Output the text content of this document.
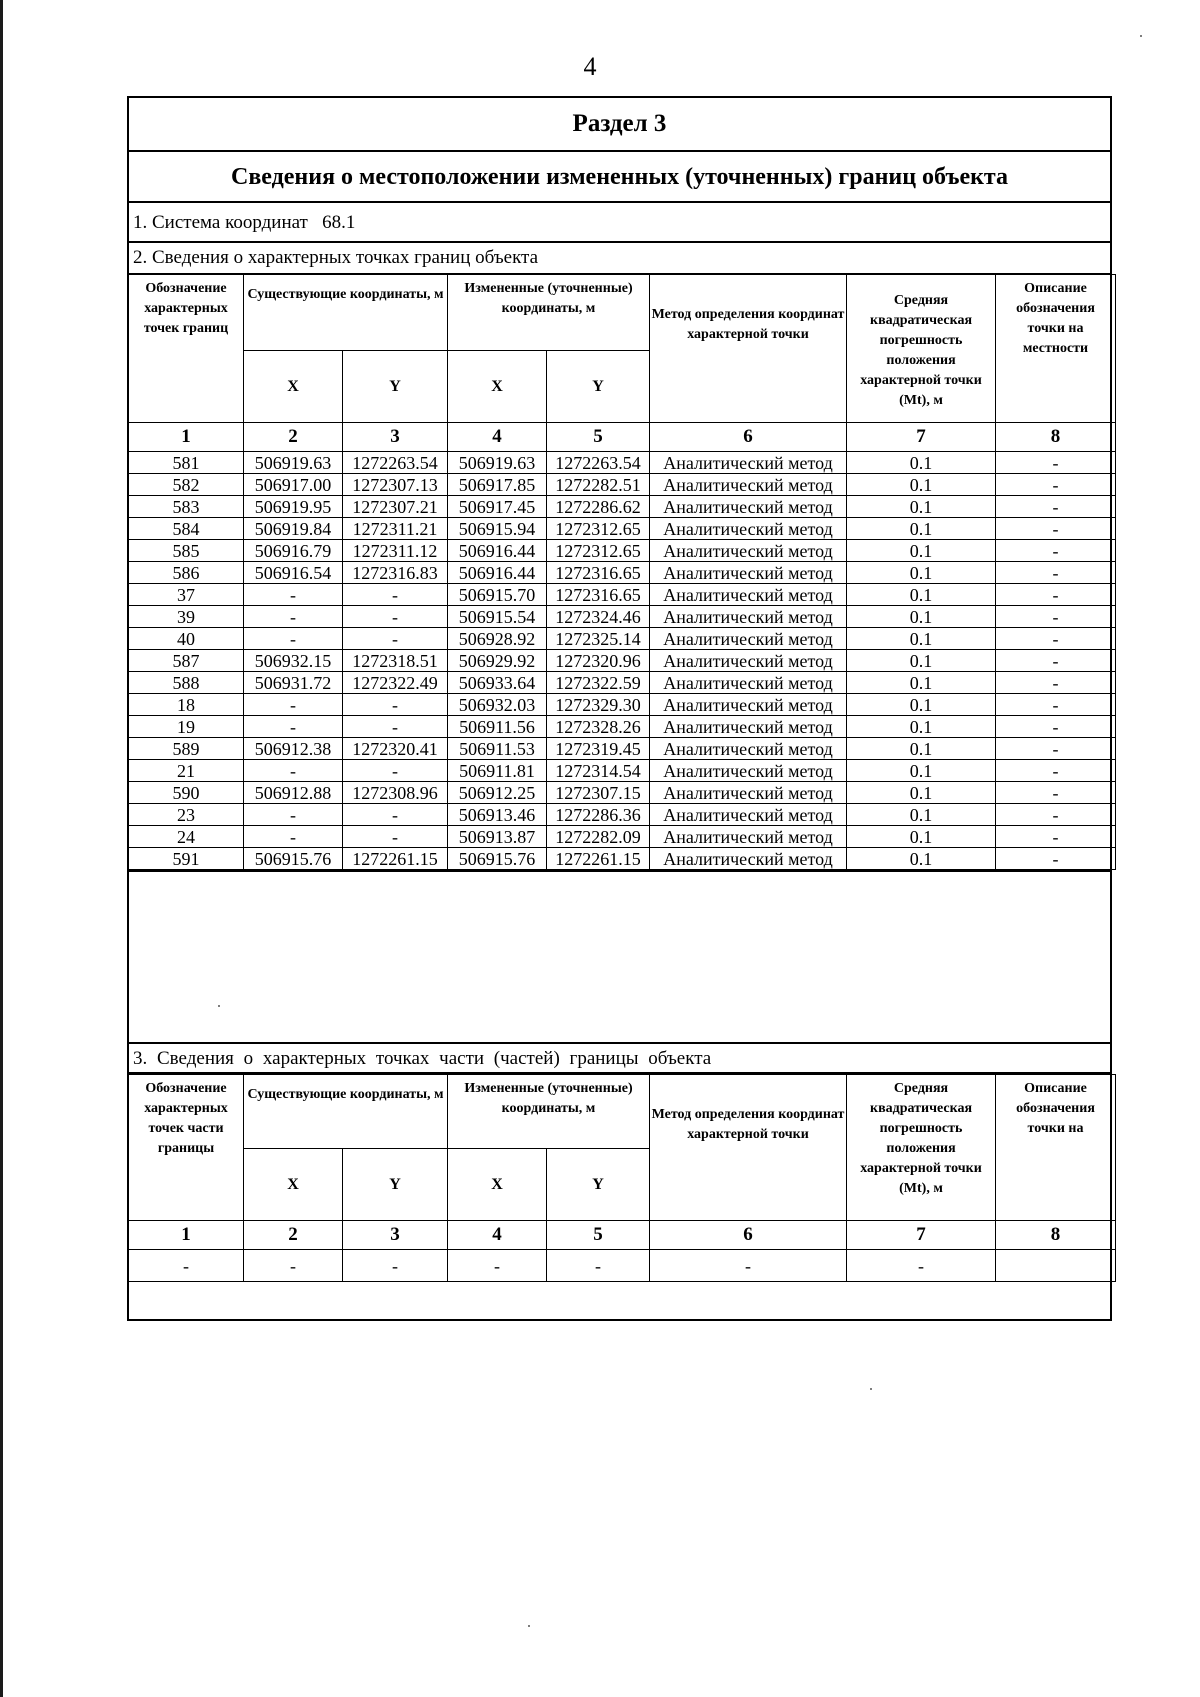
4
Раздел 3
Сведения о местоположении измененных (уточненных) границ объекта
1. Система координат 68.1
2. Сведения о характерных точках границ объекта
Обозначение характерных точек границ	Существующие координаты, м		Измененные (уточненные) координаты, м		Метод определения координат характерной точки	Средняя квадратическая погрешность положения характерной точки (Mt), м	Описание обозначения точки на местности
	X	Y	X	Y			
1	2	3	4	5	6	7	8
581	506919.63	1272263.54	506919.63	1272263.54	Аналитический метод	0.1	-
582	506917.00	1272307.13	506917.85	1272282.51	Аналитический метод	0.1	-
583	506919.95	1272307.21	506917.45	1272286.62	Аналитический метод	0.1	-
584	506919.84	1272311.21	506915.94	1272312.65	Аналитический метод	0.1	-
585	506916.79	1272311.12	506916.44	1272312.65	Аналитический метод	0.1	-
586	506916.54	1272316.83	506916.44	1272316.65	Аналитический метод	0.1	-
37	-	-	506915.70	1272316.65	Аналитический метод	0.1	-
39	-	-	506915.54	1272324.46	Аналитический метод	0.1	-
40	-	-	506928.92	1272325.14	Аналитический метод	0.1	-
587	506932.15	1272318.51	506929.92	1272320.96	Аналитический метод	0.1	-
588	506931.72	1272322.49	506933.64	1272322.59	Аналитический метод	0.1	-
18	-	-	506932.03	1272329.30	Аналитический метод	0.1	-
19	-	-	506911.56	1272328.26	Аналитический метод	0.1	-
589	506912.38	1272320.41	506911.53	1272319.45	Аналитический метод	0.1	-
21	-	-	506911.81	1272314.54	Аналитический метод	0.1	-
590	506912.88	1272308.96	506912.25	1272307.15	Аналитический метод	0.1	-
23	-	-	506913.46	1272286.36	Аналитический метод	0.1	-
24	-	-	506913.87	1272282.09	Аналитический метод	0.1	-
591	506915.76	1272261.15	506915.76	1272261.15	Аналитический метод	0.1	-
3. Сведения о характерных точках части (частей) границы объекта
Обозначение характерных точек части границы	Существующие координаты, м		Измененные (уточненные) координаты, м		Метод определения координат характерной точки	Средняя квадратическая погрешность положения характерной точки (Mt), м	Описание обозначения точки на
	X	Y	X	Y			
1	2	3	4	5	6	7	8
-	-	-	-	-	-	-	
